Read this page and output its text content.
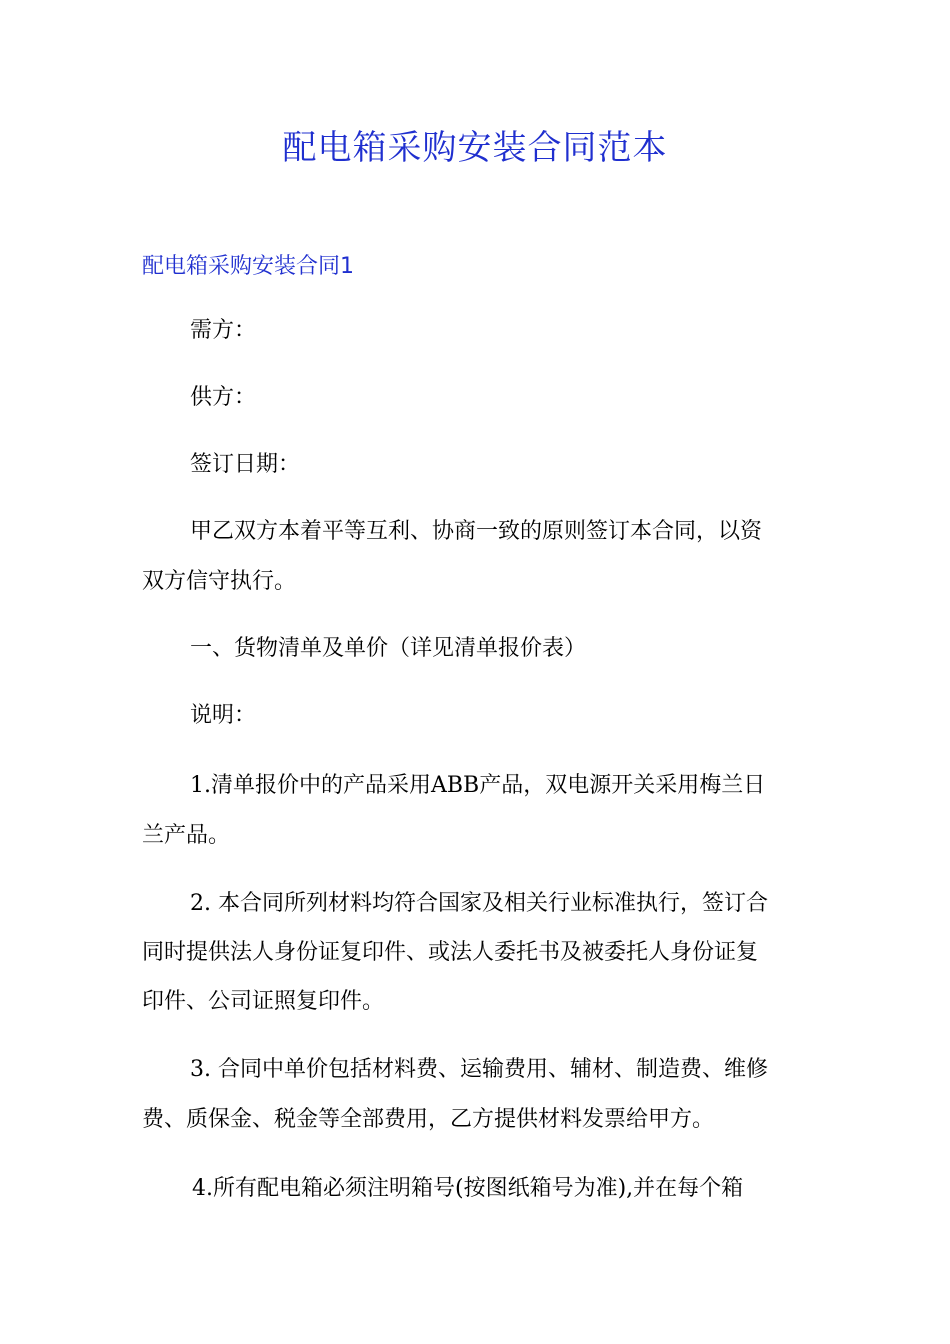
配电箱采购安装合同范本
配电箱采购安装合同1
需方：
供方：
签订日期：
甲乙双方本着平等互利、协商一致的原则签订本合同，以资
双方信守执行。
一、货物清单及单价（详见清单报价表）
说明：
1.清单报价中的产品采用ABB产品，双电源开关采用梅兰日
兰产品。
2. 本合同所列材料均符合国家及相关行业标准执行，签订合
同时提供法人身份证复印件、或法人委托书及被委托人身份证复
印件、公司证照复印件。
3. 合同中单价包括材料费、运输费用、辅材、制造费、维修
费、质保金、税金等全部费用，乙方提供材料发票给甲方。
4.所有配电箱必须注明箱号(按图纸箱号为准),并在每个箱
